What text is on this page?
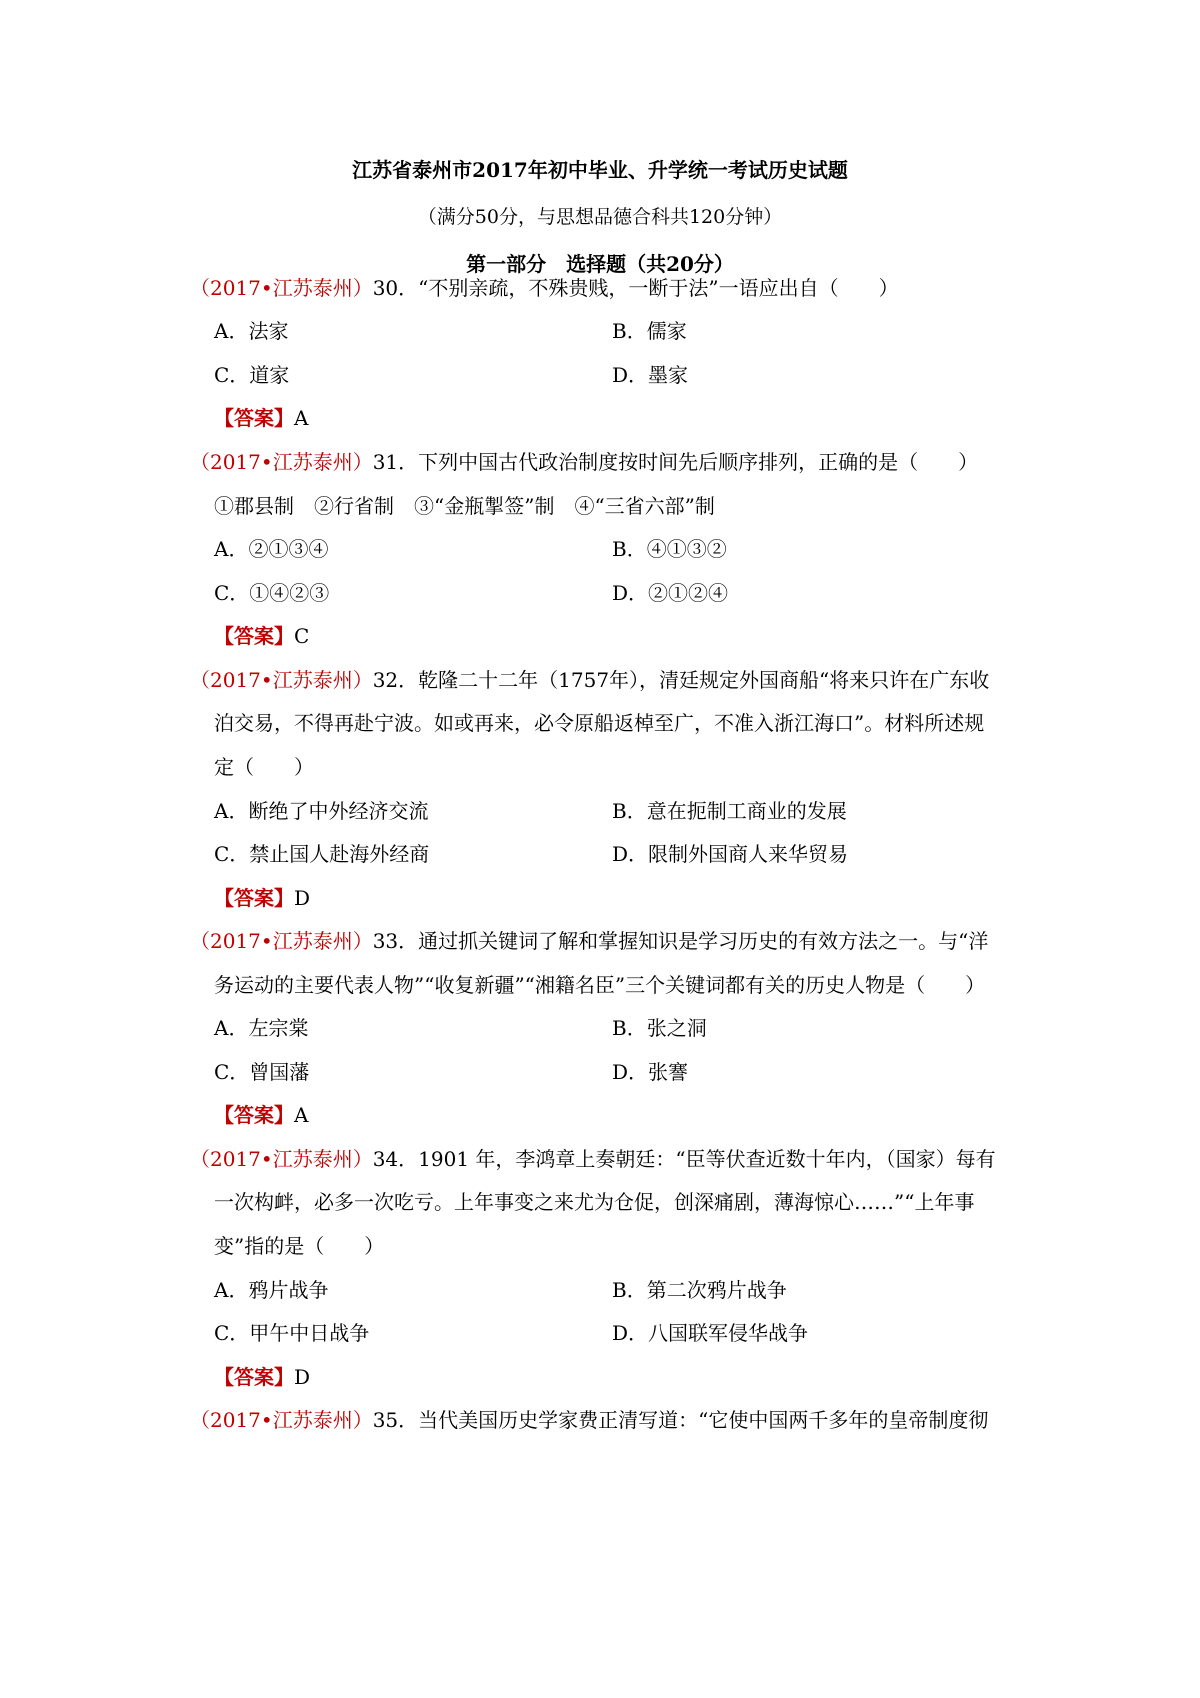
江苏省泰州市2017年初中毕业、升学统一考试历史试题
（满分50分，与思想品德合科共120分钟）
第一部分　选择题（共20分）
（2017•江苏泰州）30．“不别亲疏，不殊贵贱，一断于法”一语应出自（　　）
A．法家	B．儒家
C．道家	D．墨家
【答案】A
（2017•江苏泰州）31．下列中国古代政治制度按时间先后顺序排列，正确的是（　　）
①郡县制　②行省制　③“金瓶掣签”制　④“三省六部”制
A．②①③④	B．④①③②
C．①④②③	D．②①②④
【答案】C
（2017•江苏泰州）32．乾隆二十二年（1757年），清廷规定外国商船“将来只许在广东收
泊交易，不得再赴宁波。如或再来，必令原船返棹至广，不准入浙江海口”。材料所述规
定（　　）
A．断绝了中外经济交流	B．意在扼制工商业的发展
C．禁止国人赴海外经商	D．限制外国商人来华贸易
【答案】D
（2017•江苏泰州）33．通过抓关键词了解和掌握知识是学习历史的有效方法之一。与“洋
务运动的主要代表人物”“收复新疆”“湘籍名臣”三个关键词都有关的历史人物是（　　）
A．左宗棠	B．张之洞
C．曾国藩	D．张謇
【答案】A
（2017•江苏泰州）34．1901 年，李鸿章上奏朝廷：“臣等伏查近数十年内，（国家）每有
一次构衅，必多一次吃亏。上年事变之来尤为仓促，创深痛剧，薄海惊心……”“上年事
变”指的是（　　）
A．鸦片战争	B．第二次鸦片战争
C．甲午中日战争	D．八国联军侵华战争
【答案】D
（2017•江苏泰州）35．当代美国历史学家费正清写道：“它使中国两千多年的皇帝制度彻
